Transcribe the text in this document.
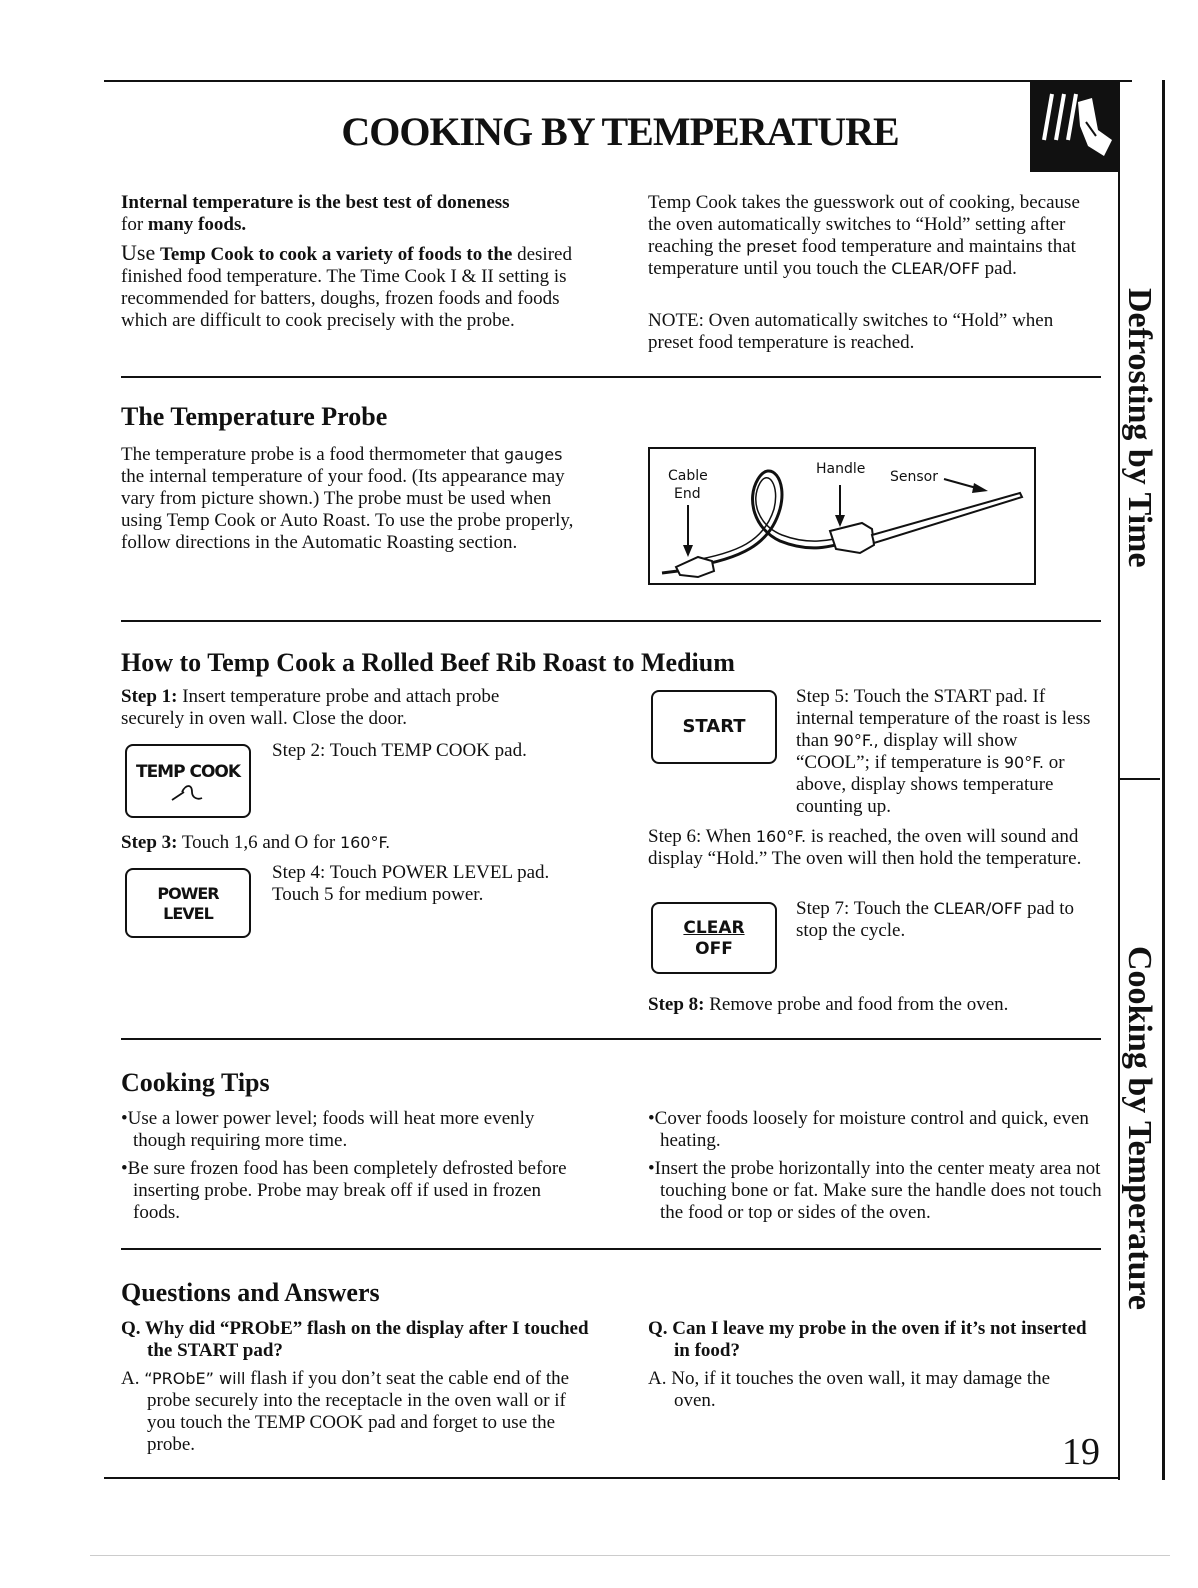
COOKING BY TEMPERATURE
Defrosting by Time
Cooking by Temperature

Internal temperature is the best test of doneness
for many foods.

Use Temp Cook to cook a variety of foods to the desired finished food temperature. The Time Cook I & II setting is recommended for batters, doughs, frozen foods and foods which are difficult to cook precisely with the probe.

Temp Cook takes the guesswork out of cooking, because the oven automatically switches to “Hold” setting after reaching the preset food temperature and maintains that temperature until you touch the CLEAR/OFF pad.

NOTE: Oven automatically switches to “Hold” when preset food temperature is reached.

The Temperature Probe

The temperature probe is a food thermometer that gauges the internal temperature of your food. (Its appearance may vary from picture shown.) The probe must be used when using Temp Cook or Auto Roast. To use the probe properly, follow directions in the Automatic Roasting section.

Cable
End
Handle Sensor
How to Temp Cook a Rolled Beef Rib Roast to Medium

Step 1: Insert temperature probe and attach probe securely in oven wall. Close the door.

TEMP COOK

Step 2: Touch TEMP COOK pad.

Step 3: Touch 1,6 and O for 160°F.

POWER
LEVEL

Step 4: Touch POWER LEVEL pad. Touch 5 for medium power.

START

Step 5: Touch the START pad. If internal temperature of the roast is less than 90°F., display will show “COOL”; if temperature is 90°F. or above, display shows temperature counting up.

Step 6: When 160°F. is reached, the oven will sound and display “Hold.” The oven will then hold the temperature.

CLEAR
OFF

Step 7: Touch the CLEAR/OFF pad to stop the cycle.

Step 8: Remove probe and food from the oven.

Cooking Tips

•Use a lower power level; foods will heat more evenly though requiring more time.

•Be sure frozen food has been completely defrosted before inserting probe. Probe may break off if used in frozen foods.

•Cover foods loosely for moisture control and quick, even heating.

•Insert the probe horizontally into the center meaty area not touching bone or fat. Make sure the handle does not touch the food or top or sides of the oven.

Questions and Answers

Q. Why did “PRObE” flash on the display after I touched the START pad?

A. “PRObE” will flash if you don’t seat the cable end of the probe securely into the receptacle in the oven wall or if you touch the TEMP COOK pad and forget to use the probe.

Q. Can I leave my probe in the oven if it’s not inserted in food?

A. No, if it touches the oven wall, it may damage the oven.

19
